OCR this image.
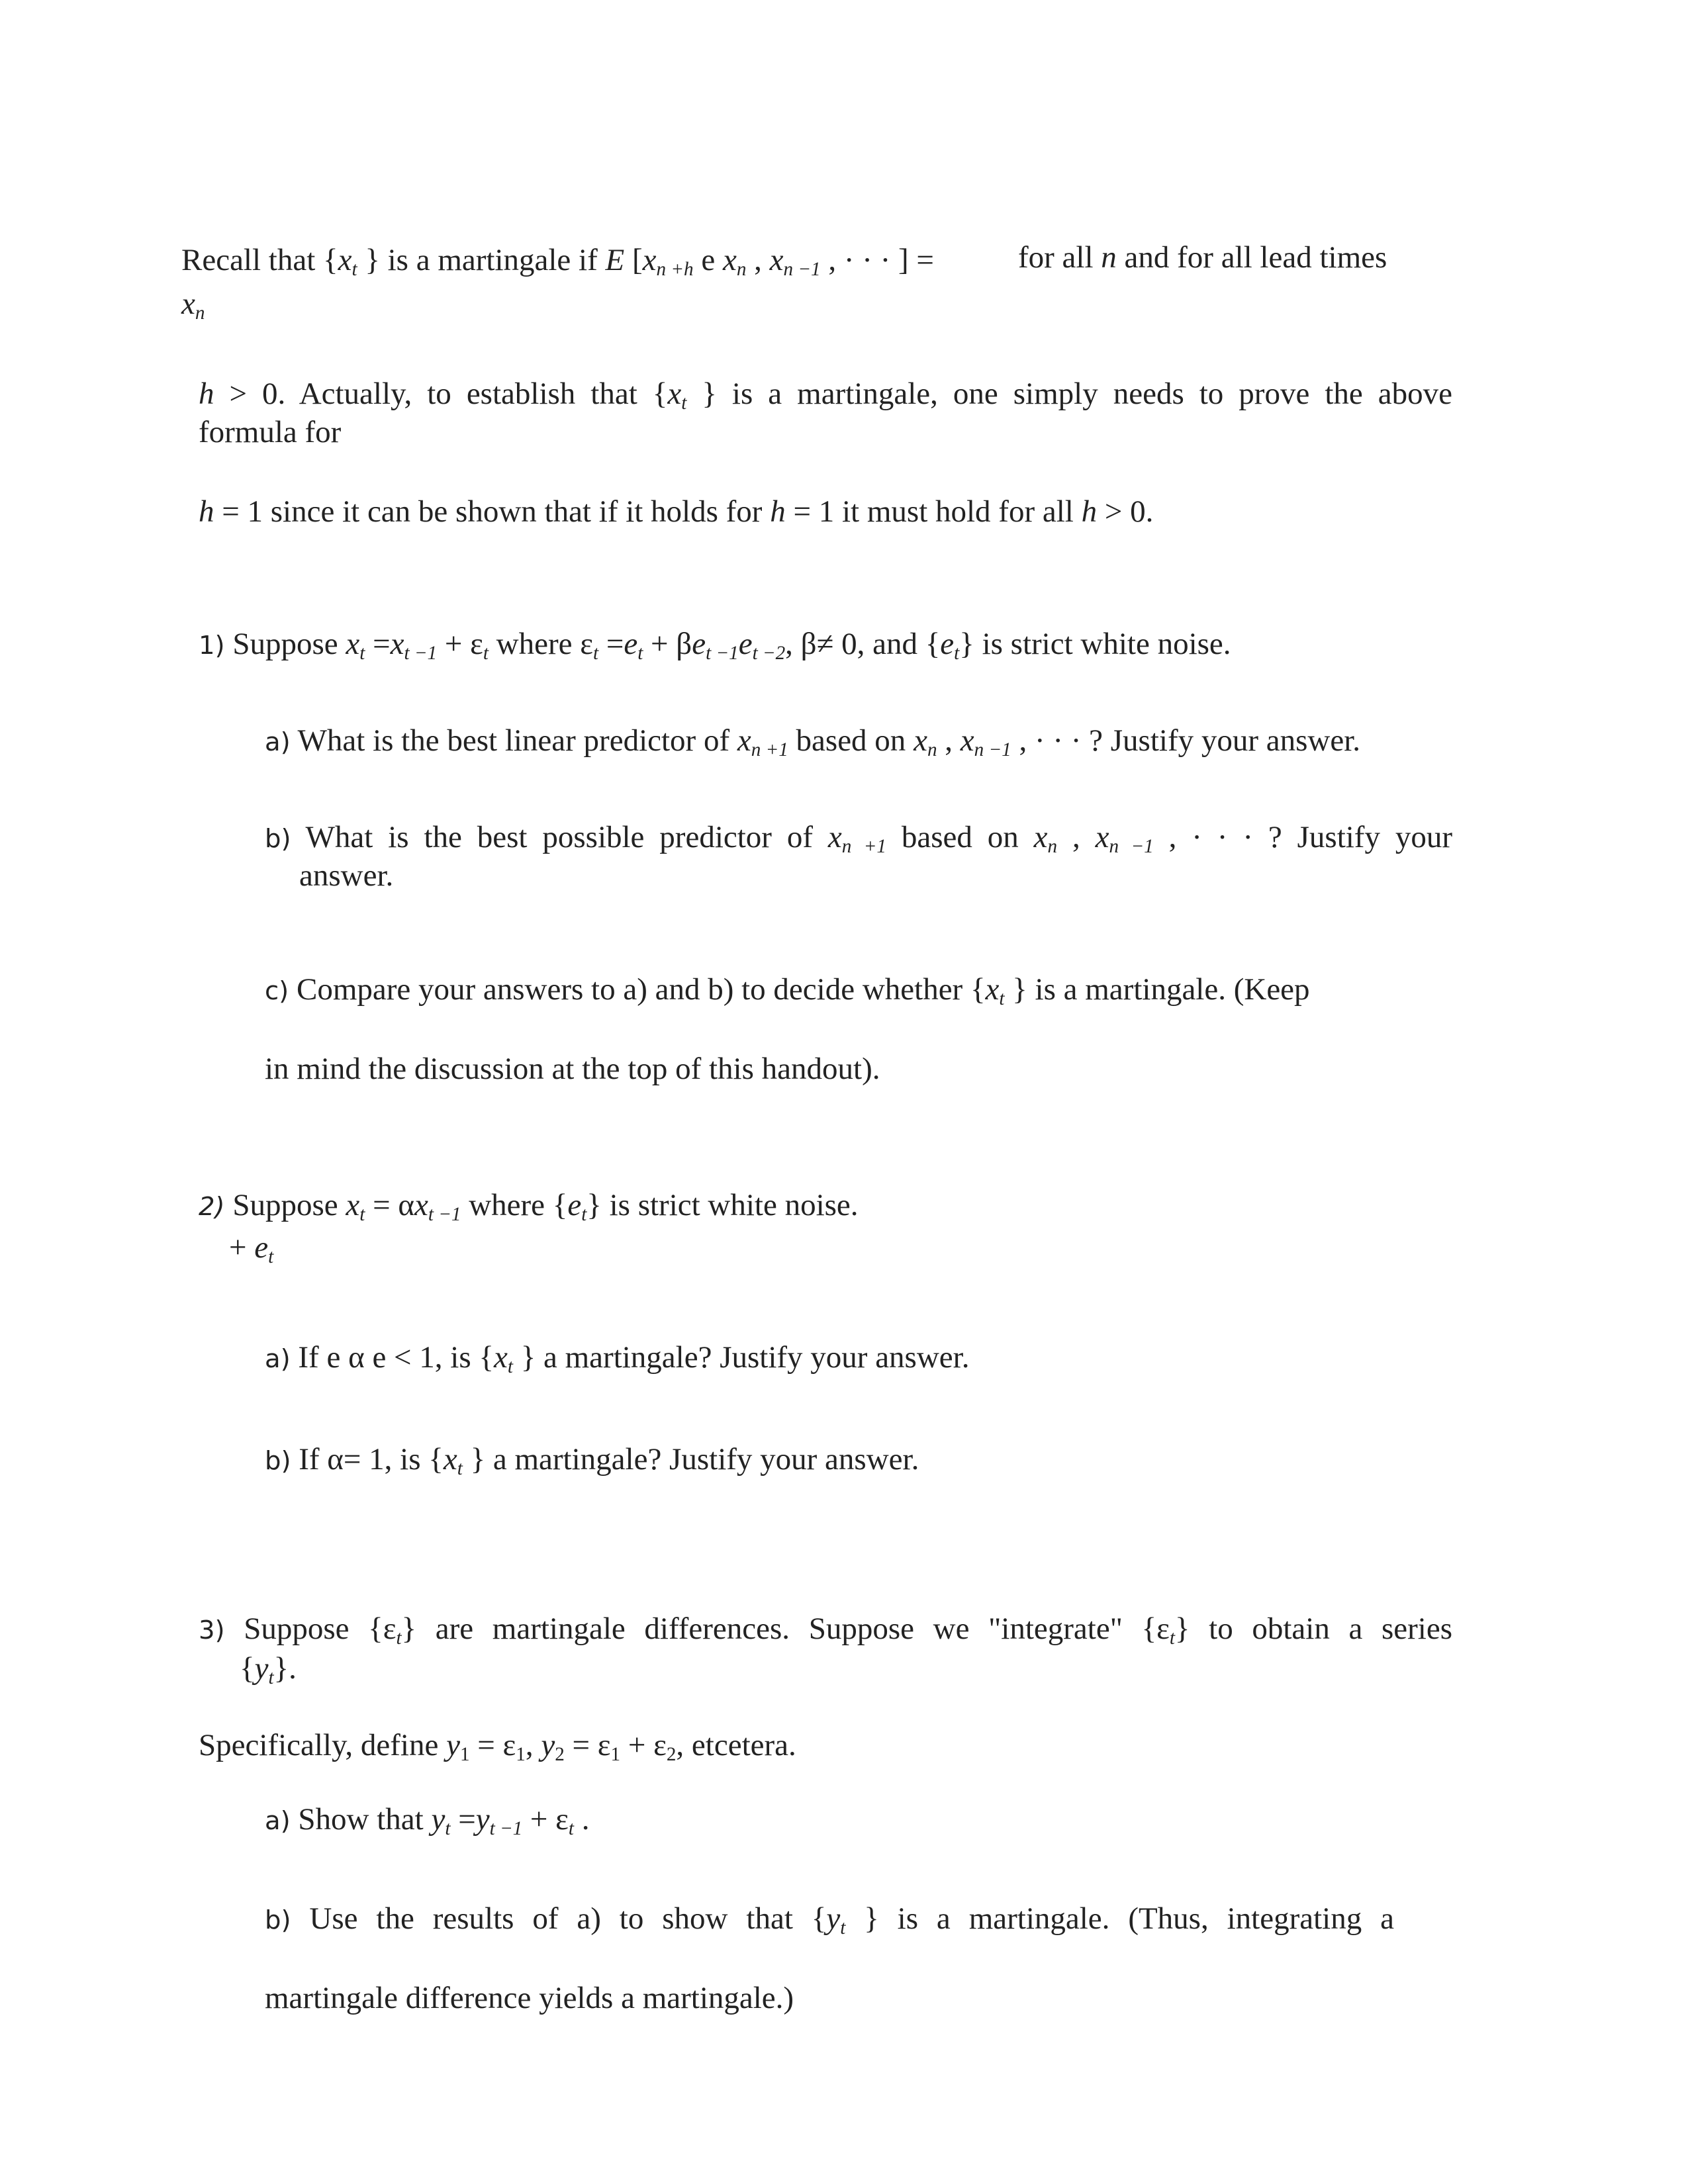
Recall that {$x_t$ } is a martingale if E [$x_{n +h}$ e $x_n$ , $x_{n -1}$ , · · · ] =	for all n and for all lead times

$x_n$

h > 0. Actually, to establish that {$x_t$ } is a martingale, one simply needs to prove the above

formula for

h = 1 since it can be shown that if it holds for h = 1 it must hold for all h > 0.

1) Suppose $x_t =x_{t -1} + \varepsilon_t$ where $\varepsilon_t =e_t + \beta e_{t -1}e_{t -2}$, β≠ 0, and $\{e_t\}$ is strict white noise.

a) What is the best linear predictor of $x_{n +1}$ based on $x_n$ , $x_{n -1}$ , · · · ? Justify your answer.

b) What is the best possible predictor of $x_{n +1}$ based on $x_n$ , $x_{n -1}$ , · · · ? Justify your

answer.

c) Compare your answers to a) and b) to decide whether {$x_t$ } is a martingale. (Keep

in mind the discussion at the top of this handout).

2) Suppose $x_t = \alpha x_{t -1}$ where $\{e_t\}$ is strict white noise.

+ $e_t$

a) If e α e < 1, is {$x_t$ } a martingale? Justify your answer.

b) If α= 1, is {$x_t$ } a martingale? Justify your answer.

3) Suppose $\{\varepsilon_t\}$ are martingale differences. Suppose we "integrate" $\{\varepsilon_t\}$ to obtain a series

$\{y_t\}$.

Specifically, define $y_1 = \varepsilon_1$, $y_2 = \varepsilon_1 + \varepsilon_2$, etcetera.

a) Show that $y_t =y_{t -1} + \varepsilon_t$ .

b) Use the results of a) to show that {$y_t$ } is a martingale. (Thus, integrating a

martingale difference yields a martingale.)
